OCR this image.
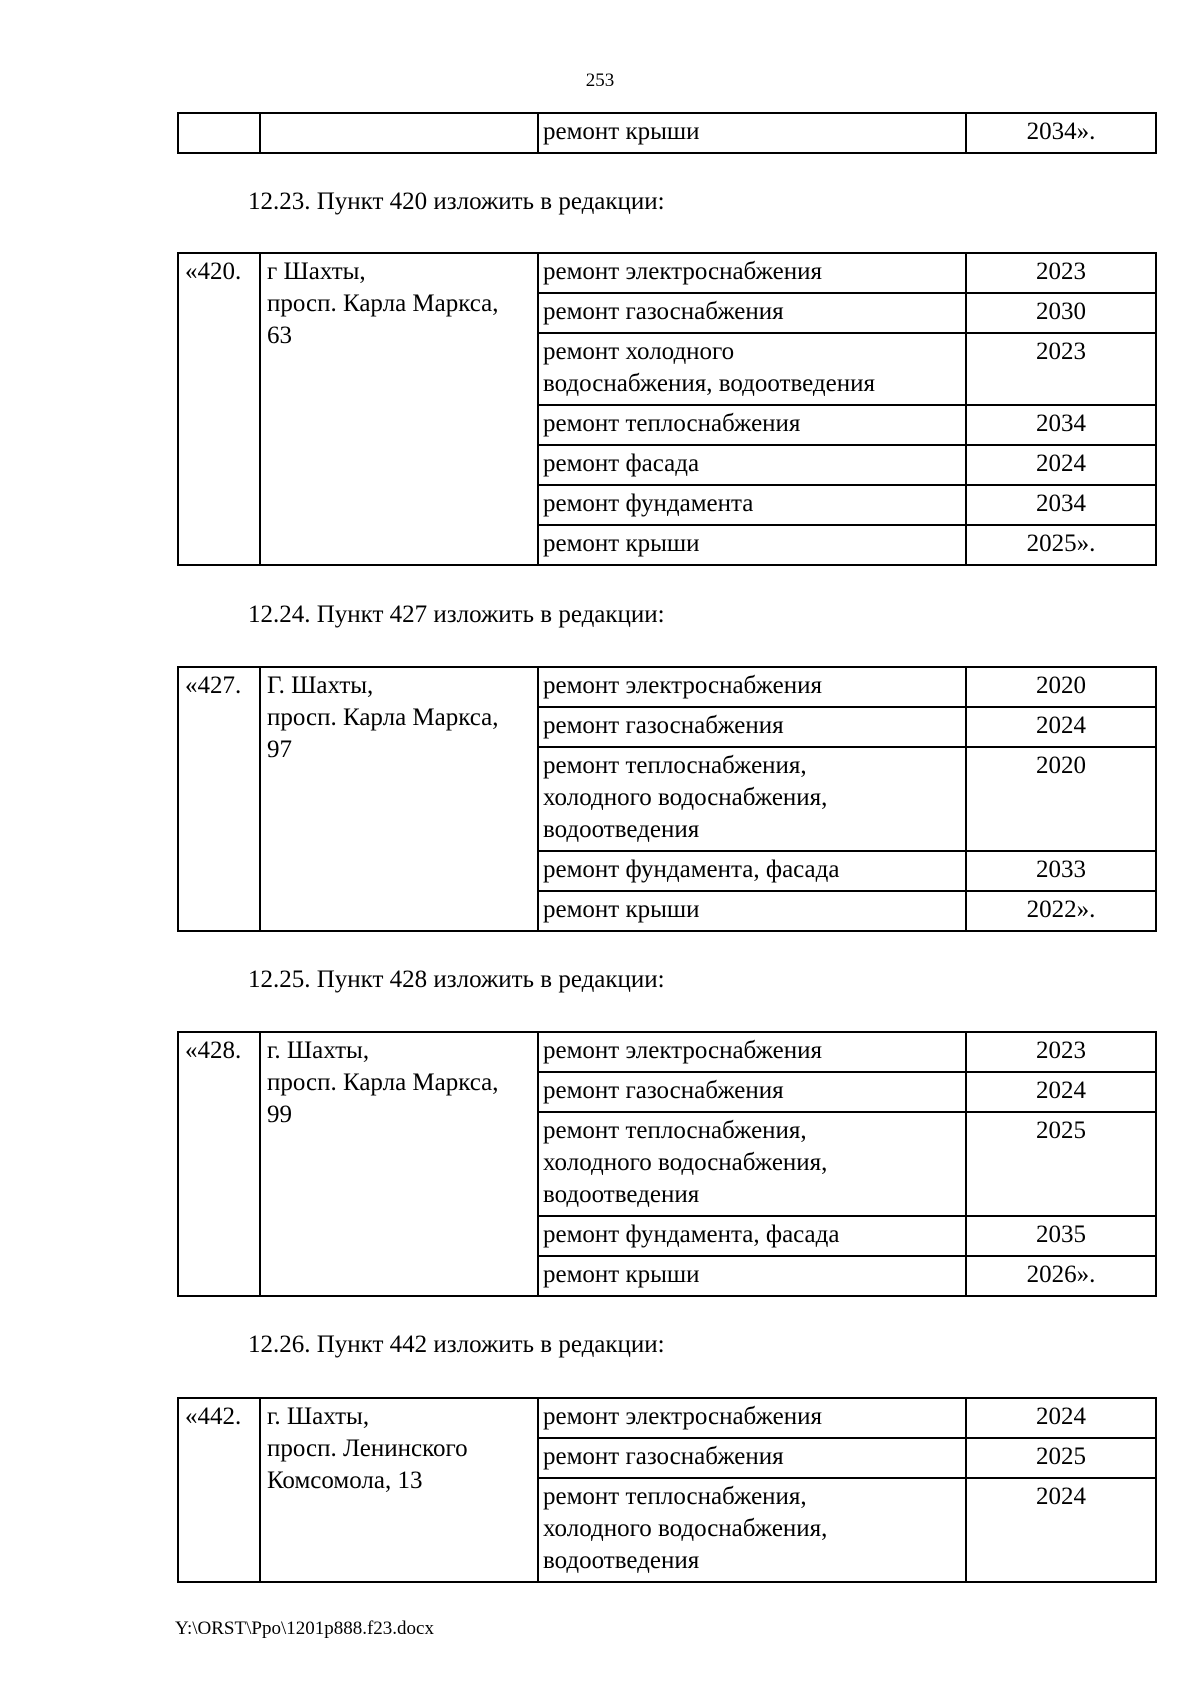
253
		ремонт крыши	2034».
12.23. Пункт 420 изложить в редакции:
«420.	г Шахты,
просп. Карла Маркса,
63	ремонт электроснабжения	2023
		ремонт газоснабжения	2030
		ремонт холодного
водоснабжения, водоотведения	2023
		ремонт теплоснабжения	2034
		ремонт фасада	2024
		ремонт фундамента	2034
		ремонт крыши	2025».
12.24. Пункт 427 изложить в редакции:
«427.	Г. Шахты,
просп. Карла Маркса,
97	ремонт электроснабжения	2020
		ремонт газоснабжения	2024
		ремонт теплоснабжения,
холодного водоснабжения,
водоотведения	2020
		ремонт фундамента, фасада	2033
		ремонт крыши	2022».
12.25. Пункт 428 изложить в редакции:
«428.	г. Шахты,
просп. Карла Маркса,
99	ремонт электроснабжения	2023
		ремонт газоснабжения	2024
		ремонт теплоснабжения,
холодного водоснабжения,
водоотведения	2025
		ремонт фундамента, фасада	2035
		ремонт крыши	2026».
12.26. Пункт 442 изложить в редакции:
«442.	г. Шахты,
просп. Ленинского
Комсомола, 13	ремонт электроснабжения	2024
		ремонт газоснабжения	2025
		ремонт теплоснабжения,
холодного водоснабжения,
водоотведения	2024
Y:\ORST\Ppo\1201p888.f23.docx
